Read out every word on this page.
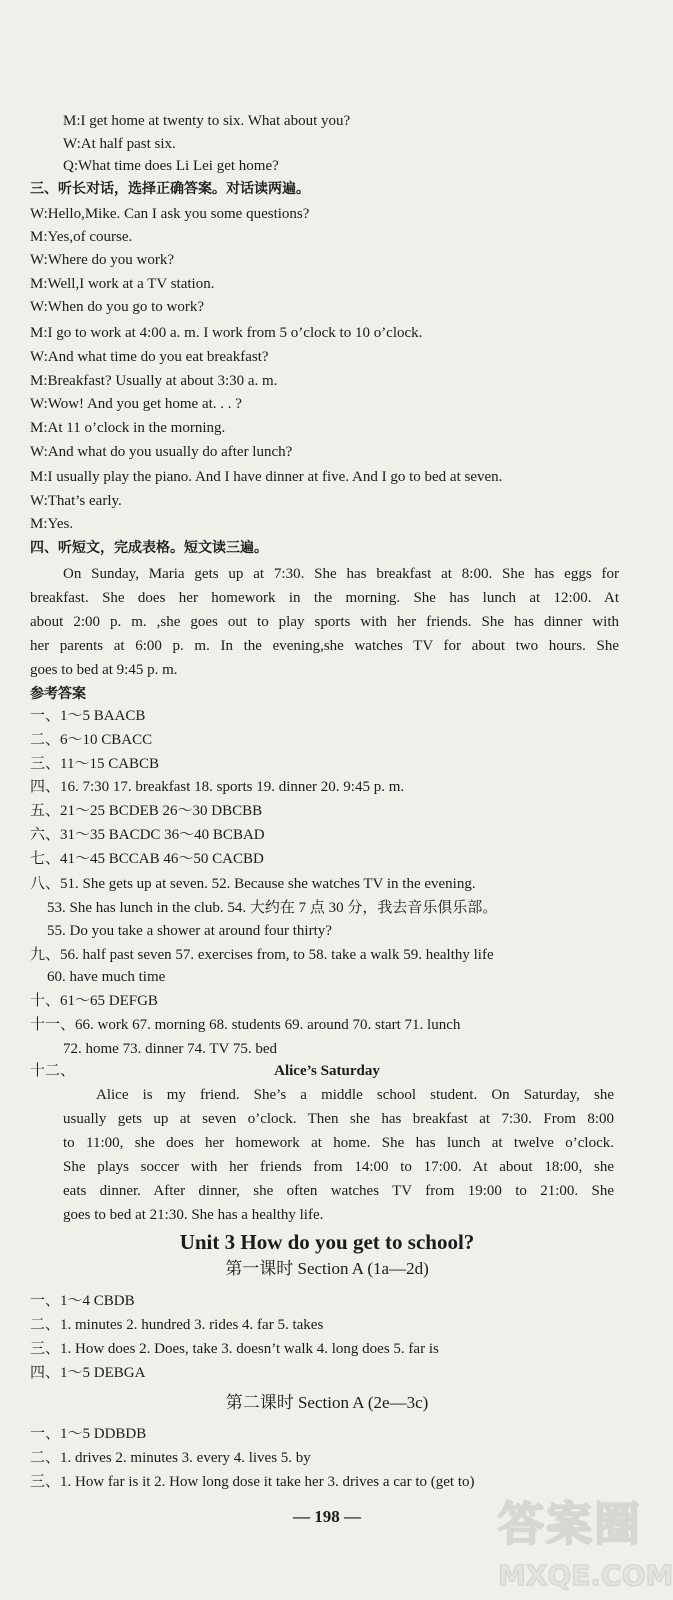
M:I get home at twenty to six. What about you?
W:At half past six.
Q:What time does Li Lei get home?
三、听长对话，选择正确答案。对话读两遍。
W:Hello,Mike. Can I ask you some questions?
M:Yes,of course.
W:Where do you work?
M:Well,I work at a TV station.
W:When do you go to work?
M:I go to work at 4:00 a. m. I work from 5 o’clock to 10 o’clock.
W:And what time do you eat breakfast?
M:Breakfast? Usually at about 3:30 a. m.
W:Wow! And you get home at. . . ?
M:At 11 o’clock in the morning.
W:And what do you usually do after lunch?
M:I usually play the piano. And I have dinner at five. And I go to bed at seven.
W:That’s early.
M:Yes.
四、听短文，完成表格。短文读三遍。
On Sunday, Maria gets up at 7:30. She has breakfast at 8:00. She has eggs for
breakfast. She does her homework in the morning. She has lunch at 12:00. At
about 2:00 p. m. ,she goes out to play sports with her friends. She has dinner with
her parents at 6:00 p. m. In the evening,she watches TV for about two hours. She
goes to bed at 9:45 p. m.
参考答案
一、1～5 BAACB
二、6～10 CBACC
三、11～15 CABCB
四、16. 7:30 17. breakfast 18. sports 19. dinner 20. 9:45 p. m.
五、21～25 BCDEB 26～30 DBCBB
六、31～35 BACDC 36～40 BCBAD
七、41～45 BCCAB 46～50 CACBD
八、51. She gets up at seven. 52. Because she watches TV in the evening.
53. She has lunch in the club. 54. 大约在 7 点 30 分，我去音乐俱乐部。
55. Do you take a shower at around four thirty?
九、56. half past seven 57. exercises from, to 58. take a walk 59. healthy life
60. have much time
十、61～65 DEFGB
十一、66. work 67. morning 68. students 69. around 70. start 71. lunch
72. home 73. dinner 74. TV 75. bed
十二、	Alice’s Saturday
Alice is my friend. She’s a middle school student. On Saturday, she
usually gets up at seven o’clock. Then she has breakfast at 7:30. From 8:00
to 11:00, she does her homework at home. She has lunch at twelve o’clock.
She plays soccer with her friends from 14:00 to 17:00. At about 18:00, she
eats dinner. After dinner, she often watches TV from 19:00 to 21:00. She
goes to bed at 21:30. She has a healthy life.
Unit 3 How do you get to school?
第一课时 Section A (1a—2d)
一、1～4 CBDB
二、1. minutes 2. hundred 3. rides 4. far 5. takes
三、1. How does 2. Does, take 3. doesn’t walk 4. long does 5. far is
四、1～5 DEBGA
第二课时 Section A (2e—3c)
一、1～5 DDBDB
二、1. drives 2. minutes 3. every 4. lives 5. by
三、1. How far is it 2. How long dose it take her 3. drives a car to (get to)
— 198 —	答案圈
MXQE.COM
